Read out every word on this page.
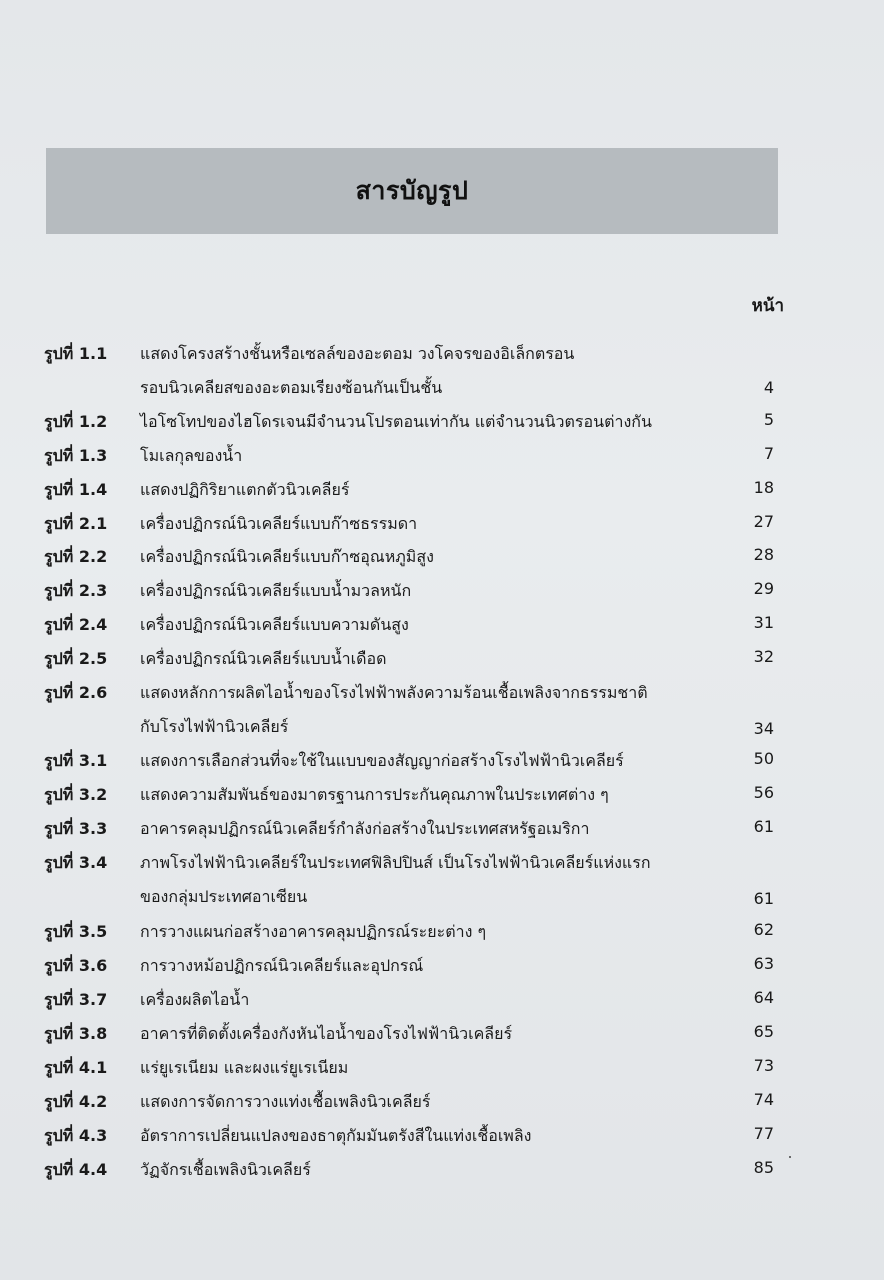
สารบัญรูป
หน้า
รูปที่ 1.1 แสดงโครงสร้างชั้นหรือเซลล์ของอะตอม วงโคจรของอิเล็กตรอน
รอบนิวเคลียสของอะตอมเรียงซ้อนกันเป็นชั้น	4
รูปที่ 1.2 ไอโซโทปของไฮโดรเจนมีจำนวนโปรตอนเท่ากัน แต่จำนวนนิวตรอนต่างกัน	5
รูปที่ 1.3 โมเลกุลของน้ำ	7
รูปที่ 1.4 แสดงปฏิกิริยาแตกตัวนิวเคลียร์	18
รูปที่ 2.1 เครื่องปฏิกรณ์นิวเคลียร์แบบก๊าซธรรมดา	27
รูปที่ 2.2 เครื่องปฏิกรณ์นิวเคลียร์แบบก๊าซอุณหภูมิสูง	28
รูปที่ 2.3 เครื่องปฏิกรณ์นิวเคลียร์แบบน้ำมวลหนัก	29
รูปที่ 2.4 เครื่องปฏิกรณ์นิวเคลียร์แบบความดันสูง	31
รูปที่ 2.5 เครื่องปฏิกรณ์นิวเคลียร์แบบน้ำเดือด	32
รูปที่ 2.6 แสดงหลักการผลิตไอน้ำของโรงไฟฟ้าพลังความร้อนเชื้อเพลิงจากธรรมชาติ
กับโรงไฟฟ้านิวเคลียร์	34
รูปที่ 3.1 แสดงการเลือกส่วนที่จะใช้ในแบบของสัญญาก่อสร้างโรงไฟฟ้านิวเคลียร์	50
รูปที่ 3.2 แสดงความสัมพันธ์ของมาตรฐานการประกันคุณภาพในประเทศต่าง ๆ	56
รูปที่ 3.3 อาคารคลุมปฏิกรณ์นิวเคลียร์กำลังก่อสร้างในประเทศสหรัฐอเมริกา	61
รูปที่ 3.4 ภาพโรงไฟฟ้านิวเคลียร์ในประเทศฟิลิปปินส์ เป็นโรงไฟฟ้านิวเคลียร์แห่งแรก
ของกลุ่มประเทศอาเซียน	61
รูปที่ 3.5 การวางแผนก่อสร้างอาคารคลุมปฏิกรณ์ระยะต่าง ๆ	62
รูปที่ 3.6 การวางหม้อปฏิกรณ์นิวเคลียร์และอุปกรณ์	63
รูปที่ 3.7 เครื่องผลิตไอน้ำ	64
รูปที่ 3.8 อาคารที่ติดตั้งเครื่องกังหันไอน้ำของโรงไฟฟ้านิวเคลียร์	65
รูปที่ 4.1 แร่ยูเรเนียม และผงแร่ยูเรเนียม	73
รูปที่ 4.2 แสดงการจัดการวางแท่งเชื้อเพลิงนิวเคลียร์	74
รูปที่ 4.3 อัตราการเปลี่ยนแปลงของธาตุกัมมันตรังสีในแท่งเชื้อเพลิง	77
รูปที่ 4.4 วัฏจักรเชื้อเพลิงนิวเคลียร์	85
